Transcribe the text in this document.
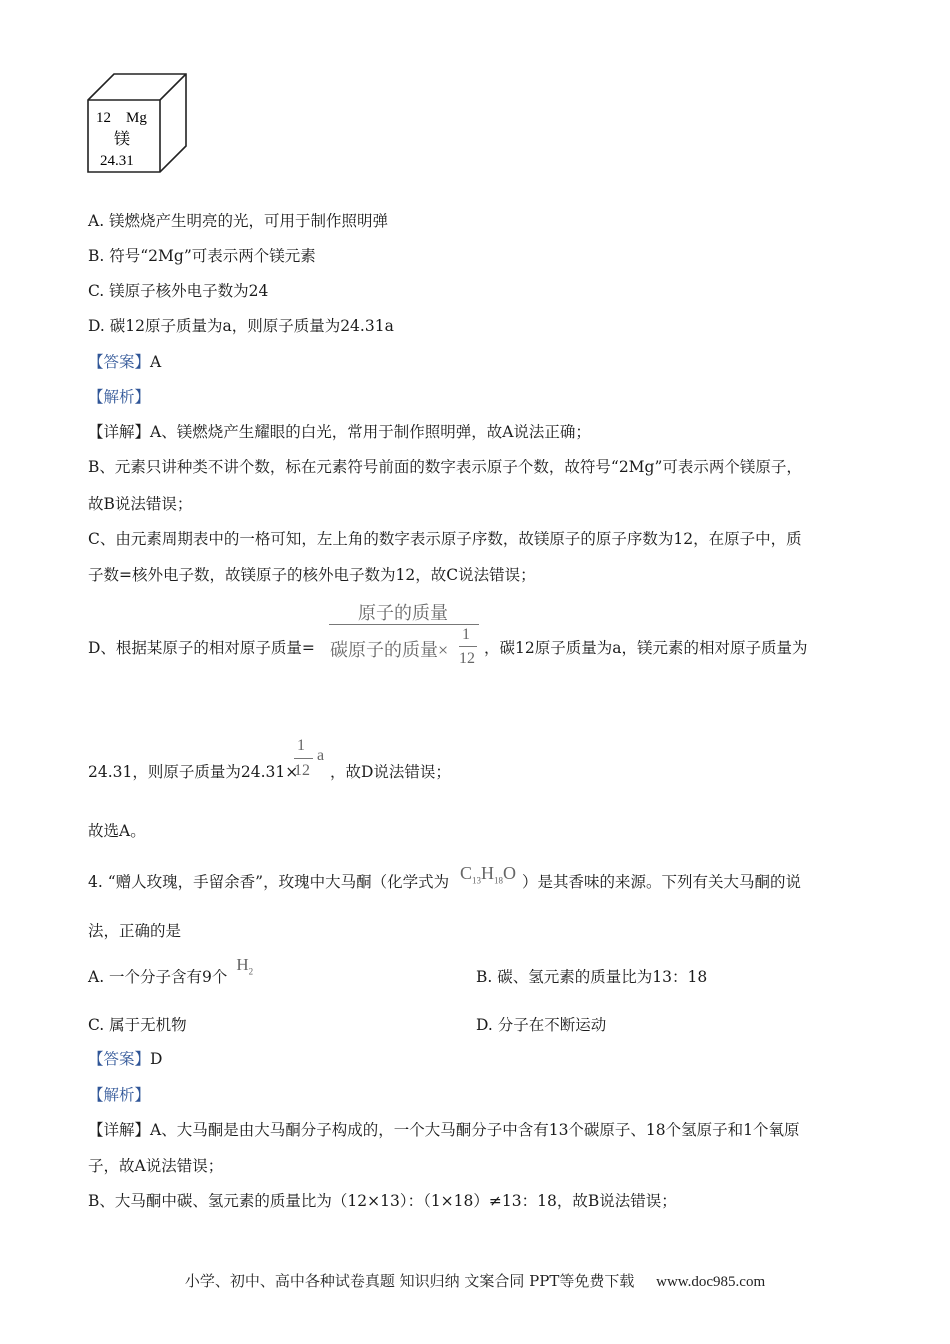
12 Mg
镁
24.31
A. 镁燃烧产生明亮的光，可用于制作照明弹
B. 符号“2Mg”可表示两个镁元素
C. 镁原子核外电子数为24
D. 碳12原子质量为a，则原子质量为24.31a
【答案】A
【解析】
【详解】A、镁燃烧产生耀眼的白光，常用于制作照明弹，故A说法正确；
B、元素只讲种类不讲个数，标在元素符号前面的数字表示原子个数，故符号“2Mg”可表示两个镁原子，
故B说法错误；
C、由元素周期表中的一格可知，左上角的数字表示原子序数，故镁原子的原子序数为12，在原子中，质
子数=核外电子数，故镁原子的核外电子数为12，故C说法错误；
D、根据某原子的相对原子质量=
原子的质量
碳原子的质量×
1
12
，碳12原子质量为a，镁元素的相对原子质量为
24.31，则原子质量为24.31×
1
12
a
，故D说法错误；
故选A。
4. “赠人玫瑰，手留余香”，玫瑰中大马酮（化学式为 $C_{13}H_{18}O$ ）是其香味的来源。下列有关大马酮的说
法，正确的是
A. 一个分子含有9个 $H_2$	B. 碳、氢元素的质量比为13：18
C. 属于无机物	D. 分子在不断运动
【答案】D
【解析】
【详解】A、大马酮是由大马酮分子构成的，一个大马酮分子中含有13个碳原子、18个氢原子和1个氧原
子，故A说法错误；
B、大马酮中碳、氢元素的质量比为（12×13）：（1×18）≠13：18，故B说法错误；
小学、初中、高中各种试卷真题 知识归纳 文案合同 PPT等免费下载 www.doc985.com
